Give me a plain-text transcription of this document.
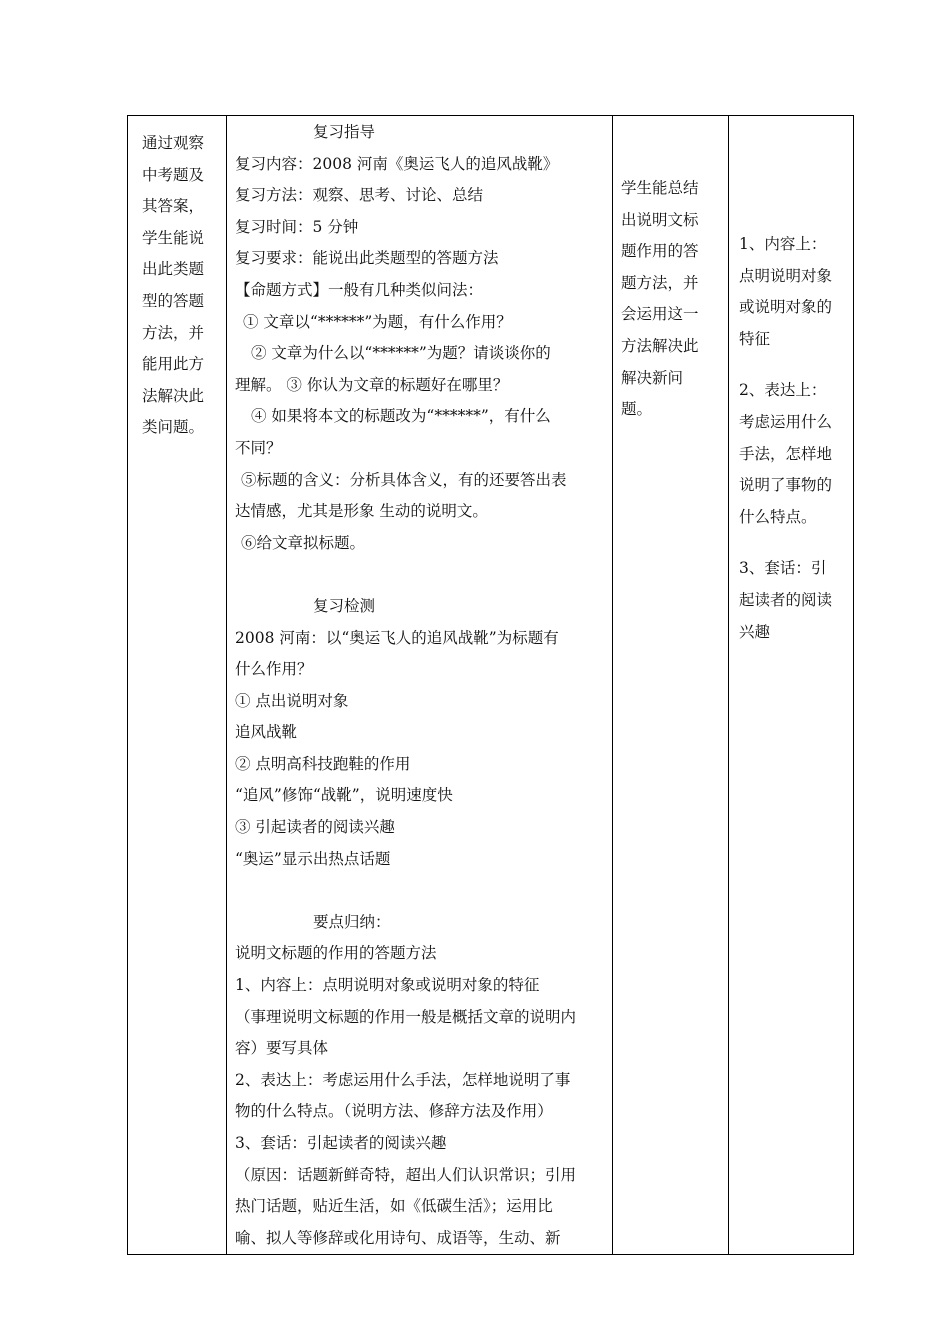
通过观察
中考题及
其答案，
学生能说
出此类题
型的答题
方法，并
能用此方
法解决此
类问题。

复习指导
复习内容：2008 河南《奥运飞人的追风战靴》
复习方法：观察、思考、讨论、总结
复习时间：5 分钟
复习要求：能说出此类题型的答题方法
【命题方式】一般有几种类似问法：
① 文章以“******”为题，有什么作用？
② 文章为什么以“******”为题？请谈谈你的
理解。 ③ 你认为文章的标题好在哪里？
④ 如果将本文的标题改为“******”，有什么
不同？
⑤标题的含义：分析具体含义，有的还要答出表
达情感，尤其是形象 生动的说明文。
⑥给文章拟标题。
复习检测
2008 河南：以“奥运飞人的追风战靴”为标题有
什么作用？
① 点出说明对象
追风战靴
② 点明高科技跑鞋的作用
“追风”修饰“战靴”，说明速度快
③ 引起读者的阅读兴趣
“奥运”显示出热点话题
要点归纳：
说明文标题的作用的答题方法
1、内容上：点明说明对象或说明对象的特征
（事理说明文标题的作用一般是概括文章的说明内
容）要写具体
2、表达上：考虑运用什么手法，怎样地说明了事
物的什么特点。（说明方法、修辞方法及作用）
3、套话：引起读者的阅读兴趣
（原因：话题新鲜奇特，超出人们认识常识；引用
热门话题，贴近生活，如《低碳生活》；运用比
喻、拟人等修辞或化用诗句、成语等，生动、新

学生能总结
出说明文标
题作用的答
题方法，并
会运用这一
方法解决此
解决新问
题。

1、内容上：
点明说明对象
或说明对象的
特征
2、表达上：
考虑运用什么
手法，怎样地
说明了事物的
什么特点。
3、套话：引
起读者的阅读
兴趣
